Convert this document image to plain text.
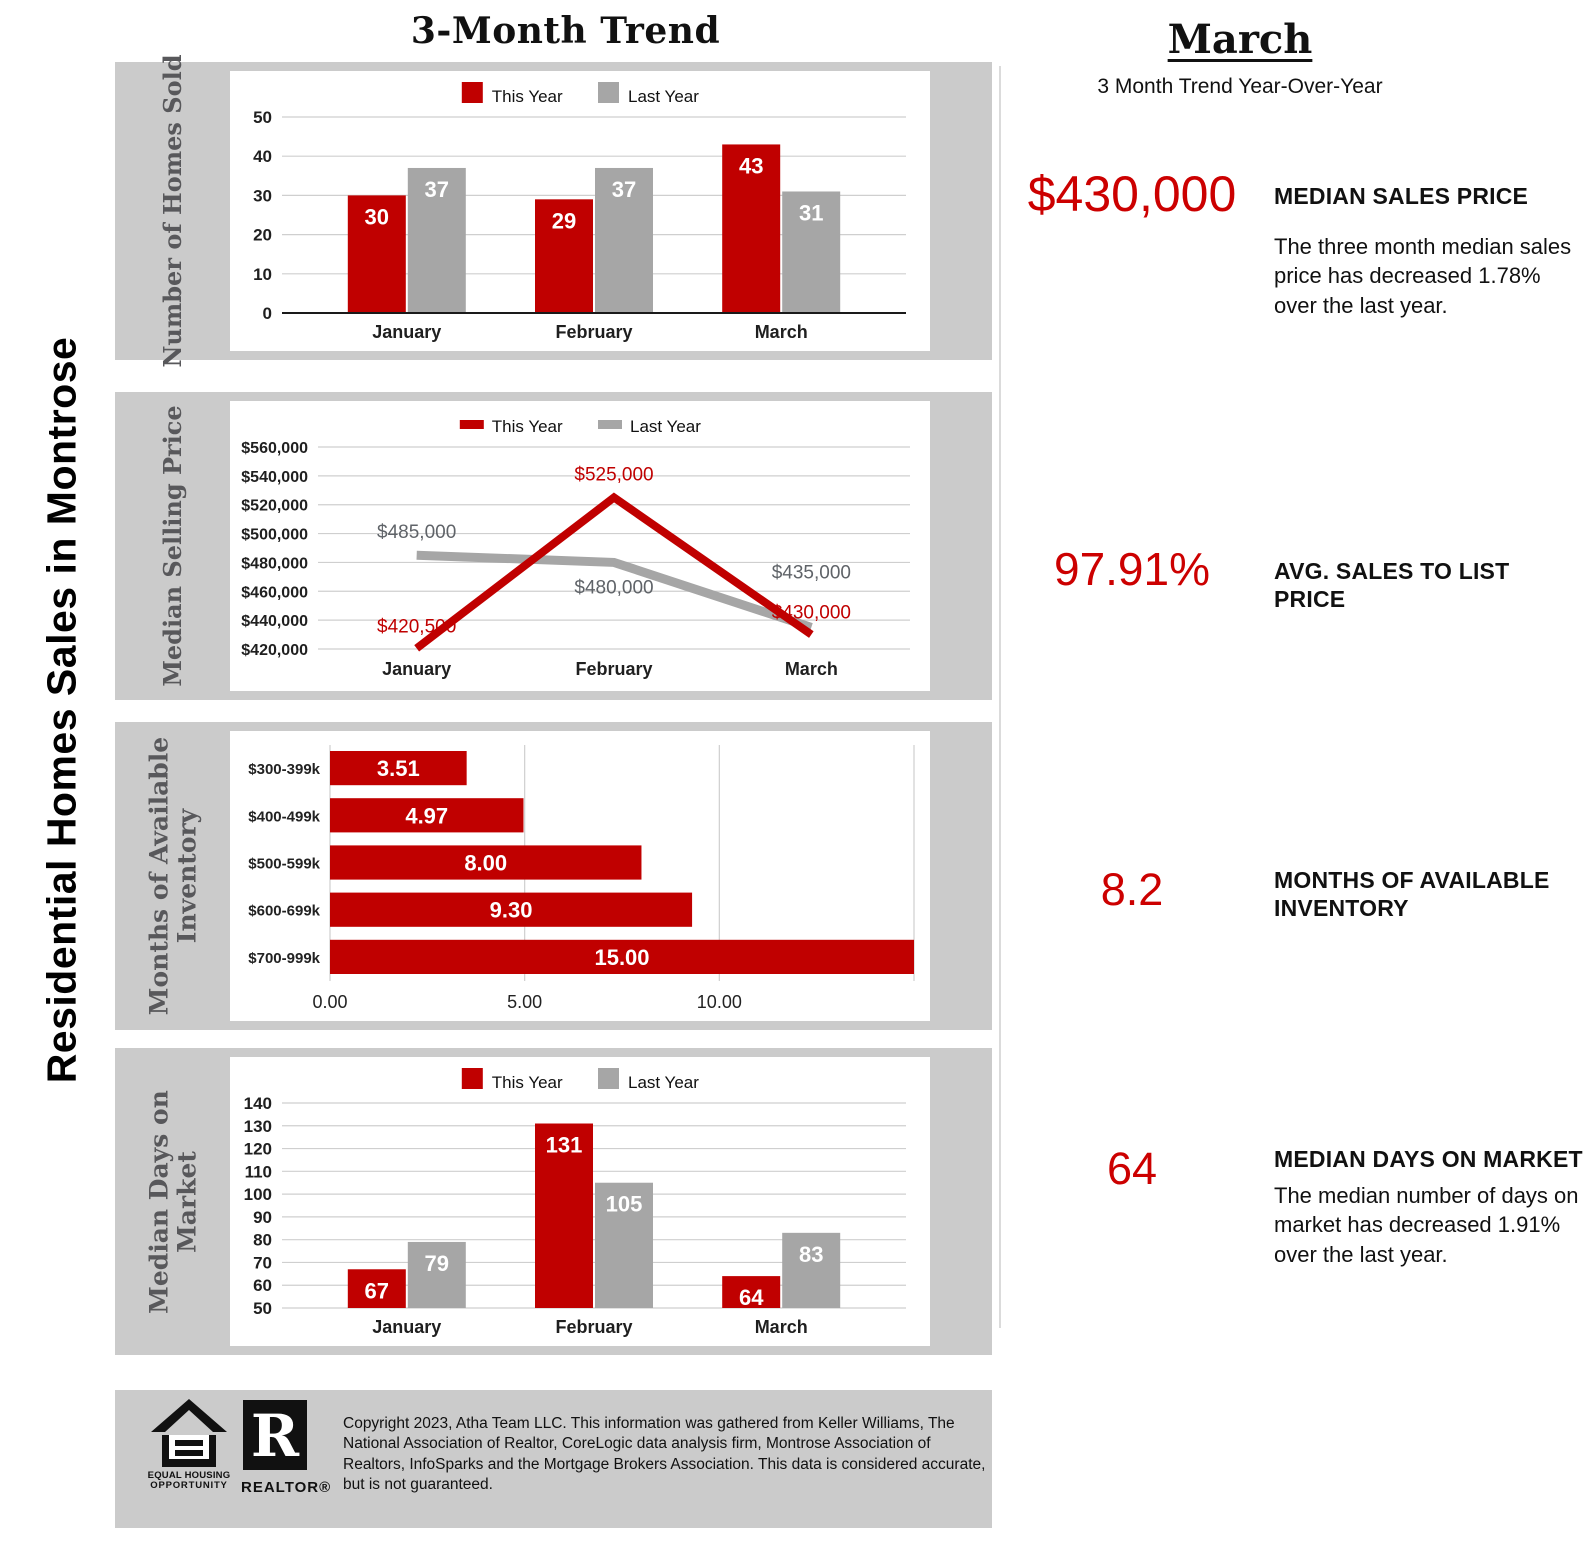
Residential Homes Sales in Montrose
3-Month Trend
Number of Homes Sold	0
10
20
30
40
50
January	February	March
30	29
43
37	37
31
This Year	Last Year
Median Selling Price	$420,000
$440,000
$460,000
$480,000
$500,000
$520,000
$540,000
$560,000
January	February	March
$420,500
$525,000
$430,000
$485,000
$480,000
$435,000
This Year	Last Year
Months of Available Inventory
0.00	5.00	10.00
3.51
$300-399k
4.97
$400-499k
8.00
$500-599k
9.30
$600-699k
15.00
$700-999k
Median Days on Market
50
60
70
80
90
100
110
120
130
140
January	February	March
67
131
64
79
105
83
This Year	Last Year
March
3 Month Trend Year-Over-Year
$430,000	MEDIAN SALES PRICE

The three month median sales price has decreased 1.78% over the last year.

97.91%	AVG. SALES TO LIST PRICE
8.2	MONTHS OF AVAILABLE INVENTORY
64	MEDIAN DAYS ON MARKET

The median number of days on market has decreased 1.91% over the last year.

EQUAL HOUSING
OPPORTUNITY
R
REALTOR®

Copyright 2023, Atha Team LLC. This information was gathered from Keller Williams, The National Association of Realtor, CoreLogic data analysis firm, Montrose Association of Realtors, InfoSparks and the Mortgage Brokers Association. This data is considered accurate, but is not guaranteed.
